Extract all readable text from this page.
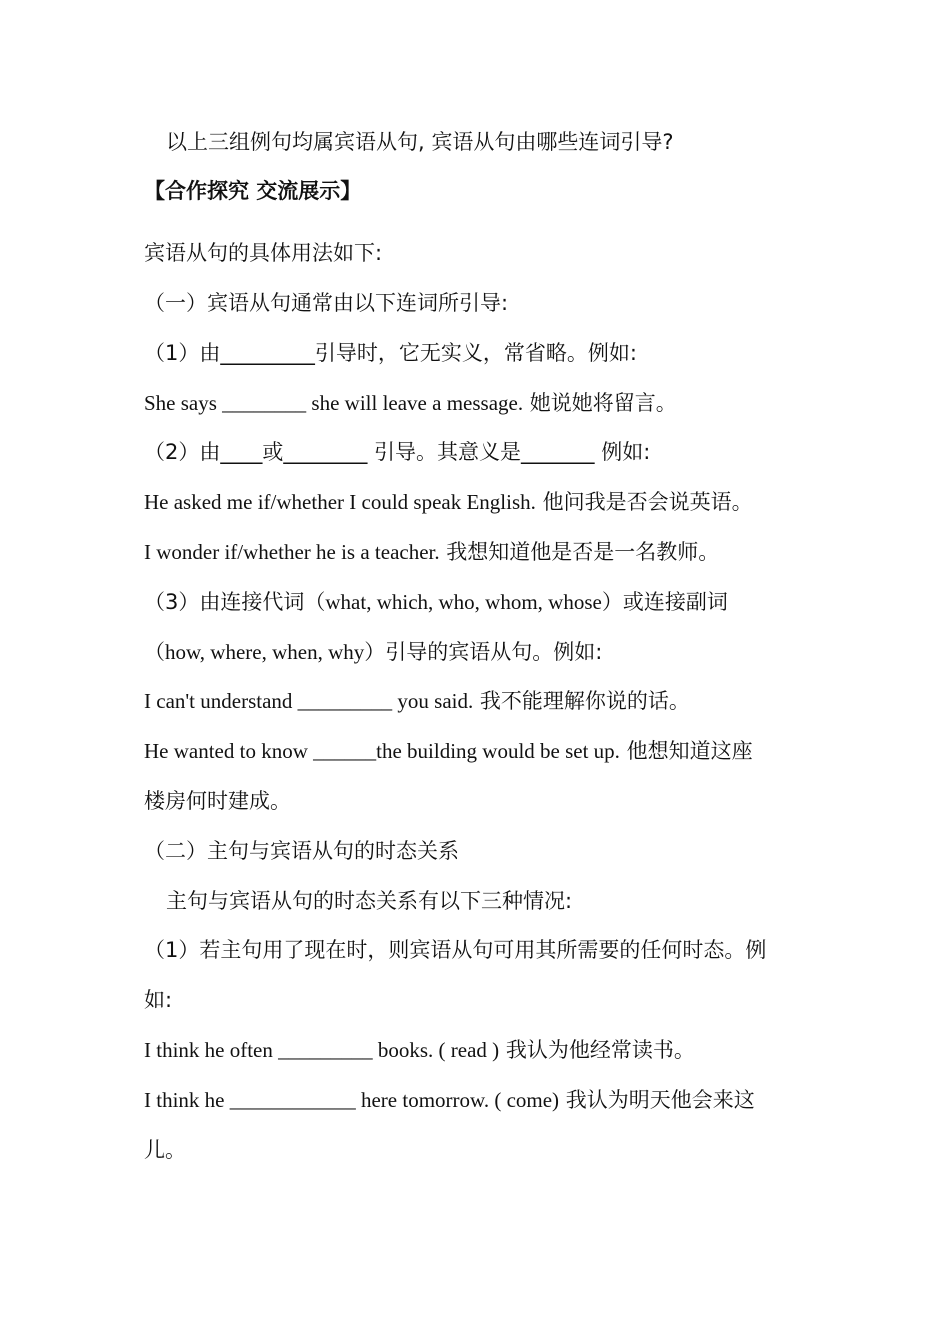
以上三组例句均属宾语从句, 宾语从句由哪些连词引导?
【合作探究 交流展示】
宾语从句的具体用法如下:
（一）宾语从句通常由以下连词所引导:
（1）由_________引导时，它无实义，常省略。例如:
She says ________ she will leave a message. 她说她将留言。
（2）由____或________ 引导。其意义是_______ 例如:
He asked me if/whether I could speak English. 他问我是否会说英语。
I wonder if/whether he is a teacher. 我想知道他是否是一名教师。
（3）由连接代词（what, which, who, whom, whose）或连接副词
（how, where, when, why）引导的宾语从句。例如:
I can't understand _________ you said. 我不能理解你说的话。
He wanted to know ______the building would be set up. 他想知道这座
楼房何时建成。
（二）主句与宾语从句的时态关系
主句与宾语从句的时态关系有以下三种情况:
（1）若主句用了现在时，则宾语从句可用其所需要的任何时态。例
如:
I think he often _________ books. ( read ) 我认为他经常读书。
I think he ____________ here tomorrow. ( come) 我认为明天他会来这
儿。
